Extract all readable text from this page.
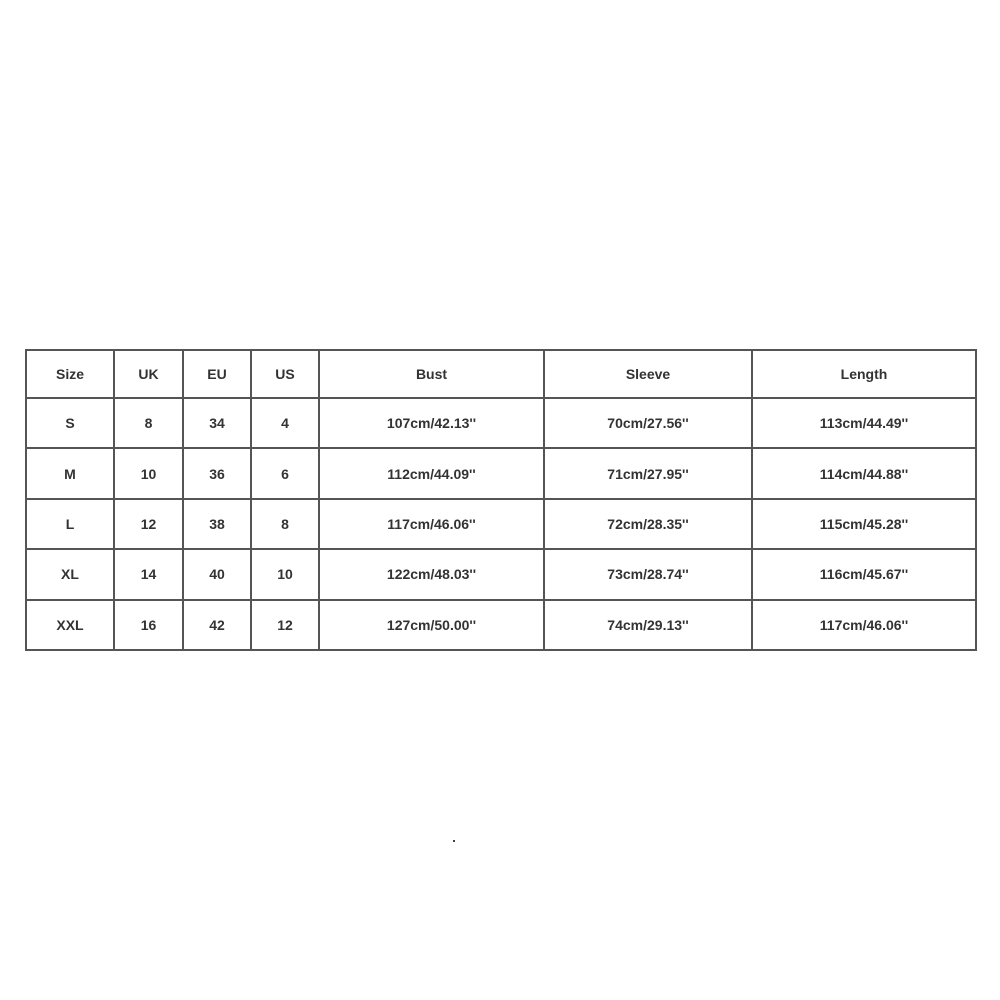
Size	UK	EU	US	Bust	Sleeve	Length
S	8	34	4	107cm/42.13''	70cm/27.56''	113cm/44.49''
M	10	36	6	112cm/44.09''	71cm/27.95''	114cm/44.88''
L	12	38	8	117cm/46.06''	72cm/28.35''	115cm/45.28''
XL	14	40	10	122cm/48.03''	73cm/28.74''	116cm/45.67''
XXL	16	42	12	127cm/50.00''	74cm/29.13''	117cm/46.06''
